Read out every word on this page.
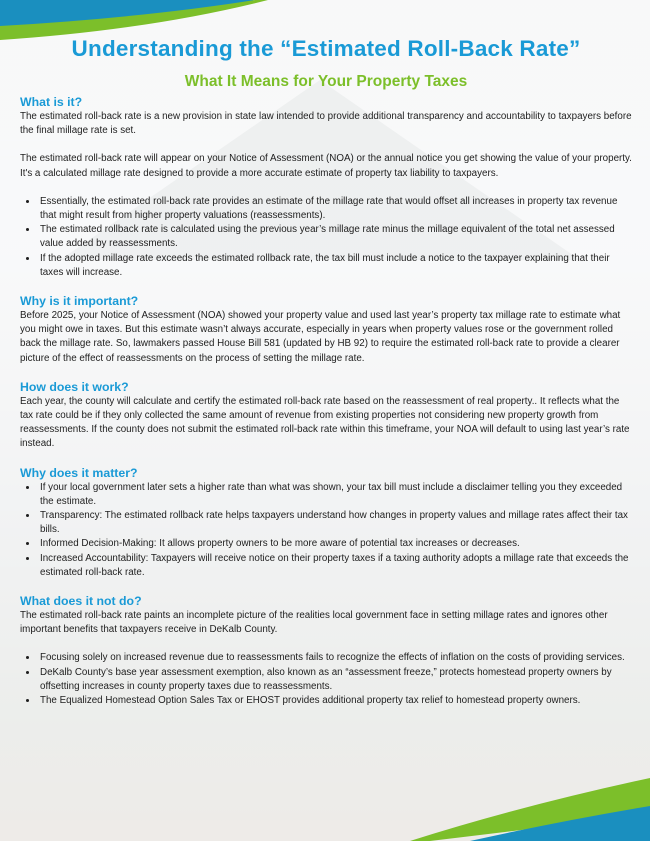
Understanding the “Estimated Roll-Back Rate”
What It Means for Your Property Taxes
What is it?

The estimated roll-back rate is a new provision in state law intended to provide additional transparency and accountability to taxpayers before the final millage rate is set.

The estimated roll-back rate will appear on your Notice of Assessment (NOA) or the annual notice you get showing the value of your property. It's a calculated millage rate designed to provide a more accurate estimate of property tax liability to taxpayers.

• Essentially, the estimated roll-back rate provides an estimate of the millage rate that would offset all increases in property tax revenue that might result from higher property valuations (reassessments).
• The estimated rollback rate is calculated using the previous year’s millage rate minus the millage equivalent of the total net assessed value added by reassessments.
• If the adopted millage rate exceeds the estimated rollback rate, the tax bill must include a notice to the taxpayer explaining that their taxes will increase.
Why is it important?

Before 2025, your Notice of Assessment (NOA) showed your property value and used last year’s property tax millage rate to estimate what you might owe in taxes. But this estimate wasn’t always accurate, especially in years when property values rose or the government rolled back the millage rate. So, lawmakers passed House Bill 581 (updated by HB 92) to require the estimated roll-back rate to provide a clearer picture of the effect of reassessments on the process of setting the millage rate.

How does it work?

Each year, the county will calculate and certify the estimated roll-back rate based on the reassessment of real property.. It reflects what the tax rate could be if they only collected the same amount of revenue from existing properties not considering new property growth from reassessments. If the county does not submit the estimated roll-back rate within this timeframe, your NOA will default to using last year’s rate instead.

Why does it matter?
• If your local government later sets a higher rate than what was shown, your tax bill must include a disclaimer telling you they exceeded the estimate.
• Transparency: The estimated rollback rate helps taxpayers understand how changes in property values and millage rates affect their tax bills.
• Informed Decision-Making: It allows property owners to be more aware of potential tax increases or decreases.
• Increased Accountability: Taxpayers will receive notice on their property taxes if a taxing authority adopts a millage rate that exceeds the estimated roll-back rate.
What does it not do?

The estimated roll-back rate paints an incomplete picture of the realities local government face in setting millage rates and ignores other important benefits that taxpayers receive in DeKalb County.

• Focusing solely on increased revenue due to reassessments fails to recognize the effects of inflation on the costs of providing services.
• DeKalb County’s base year assessment exemption, also known as an “assessment freeze,” protects homestead property owners by offsetting increases in county property taxes due to reassessments.
• The Equalized Homestead Option Sales Tax or EHOST provides additional property tax relief to homestead property owners.
